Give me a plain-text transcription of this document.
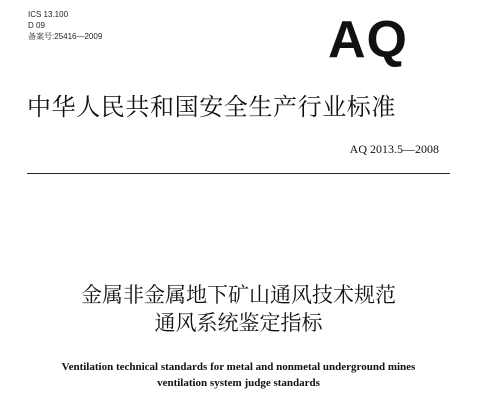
ICS 13.100
D 09
备案号:25416—2009	AQ
中华人民共和国安全生产行业标准
AQ 2013.5—2008
金属非金属地下矿山通风技术规范
通风系统鉴定指标
Ventilation technical standards for metal and nonmetal underground mines
ventilation system judge standards
